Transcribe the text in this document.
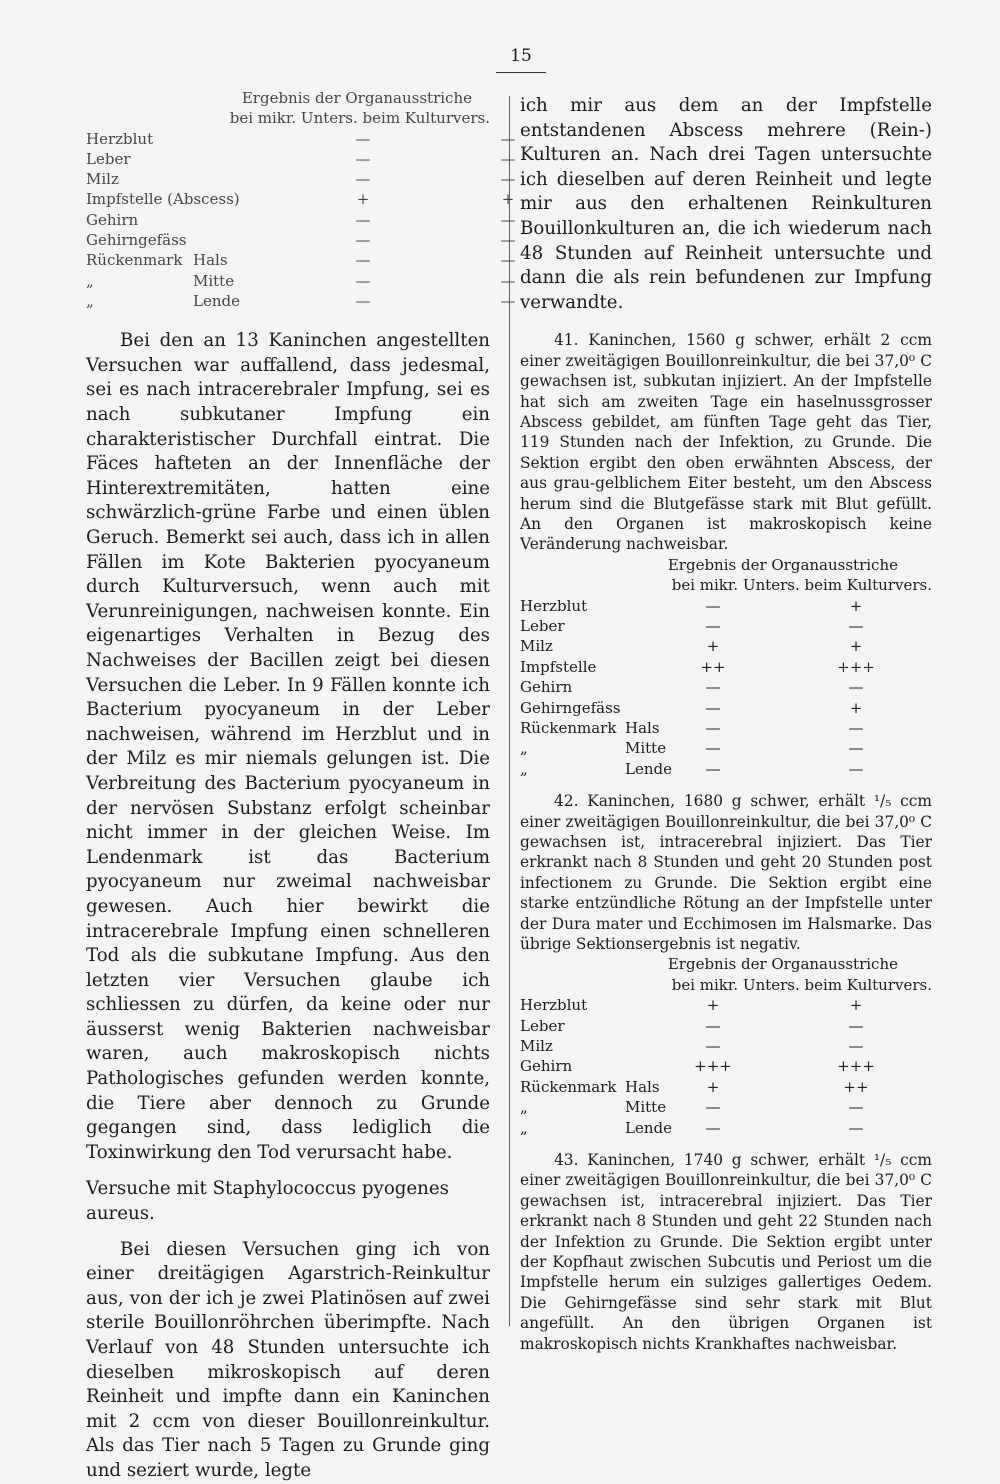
15
Ergebnis der Organausstriche
bei mikr. Unters. beim Kulturvers.
Herzblut	—	—
Leber	—	—
Milz	—	—
Impfstelle (Abscess)	+	+
Gehirn	—	—
Gehirngefäss	—	—
Rückenmark Hals	—	—
„	Mitte	—	—
„	Lende	—	—

Bei den an 13 Kaninchen angestellten Versuchen war auffallend, dass jedesmal, sei es nach intracerebraler Impfung, sei es nach subkutaner Impfung ein charakteristischer Durchfall eintrat. Die Fäces hafteten an der Innenfläche der Hinterextremitäten, hatten eine schwärzlich-grüne Farbe und einen üblen Geruch. Bemerkt sei auch, dass ich in allen Fällen im Kote Bakterien pyocyaneum durch Kulturversuch, wenn auch mit Verunreinigungen, nachweisen konnte. Ein eigenartiges Verhalten in Bezug des Nachweises der Bacillen zeigt bei diesen Versuchen die Leber. In 9 Fällen konnte ich Bacterium pyocyaneum in der Leber nachweisen, während im Herzblut und in der Milz es mir niemals gelungen ist. Die Verbreitung des Bacterium pyocyaneum in der nervösen Substanz erfolgt scheinbar nicht immer in der gleichen Weise. Im Lendenmark ist das Bacterium pyocyaneum nur zweimal nachweisbar gewesen. Auch hier bewirkt die intracerebrale Impfung einen schnelleren Tod als die subkutane Impfung. Aus den letzten vier Versuchen glaube ich schliessen zu dürfen, da keine oder nur äusserst wenig Bakterien nachweisbar waren, auch makroskopisch nichts Pathologisches gefunden werden konnte, die Tiere aber dennoch zu Grunde gegangen sind, dass lediglich die Toxinwirkung den Tod verursacht habe.

Versuche mit Staphylococcus pyogenes aureus.

Bei diesen Versuchen ging ich von einer dreitägigen Agarstrich-Reinkultur aus, von der ich je zwei Platinösen auf zwei sterile Bouillonröhrchen überimpfte. Nach Verlauf von 48 Stunden untersuchte ich dieselben mikroskopisch auf deren Reinheit und impfte dann ein Kaninchen mit 2 ccm von dieser Bouillonreinkultur. Als das Tier nach 5 Tagen zu Grunde ging und seziert wurde, legte

ich mir aus dem an der Impfstelle entstandenen Abscess mehrere (Rein-) Kulturen an. Nach drei Tagen untersuchte ich dieselben auf deren Reinheit und legte mir aus den erhaltenen Reinkulturen Bouillonkulturen an, die ich wiederum nach 48 Stunden auf Reinheit untersuchte und dann die als rein befundenen zur Impfung verwandte.

41. Kaninchen, 1560 g schwer, erhält 2 ccm einer zweitägigen Bouillonreinkultur, die bei 37,0⁰ C gewachsen ist, subkutan injiziert. An der Impfstelle hat sich am zweiten Tage ein haselnussgrosser Abscess gebildet, am fünften Tage geht das Tier, 119 Stunden nach der Infektion, zu Grunde. Die Sektion ergibt den oben erwähnten Abscess, der aus grau-gelblichem Eiter besteht, um den Abscess herum sind die Blutgefässe stark mit Blut gefüllt. An den Organen ist makroskopisch keine Veränderung nachweisbar.

Ergebnis der Organausstriche
bei mikr. Unters. beim Kulturvers.
Herzblut	—	+
Leber	—	—
Milz	+	+
Impfstelle	++	+++
Gehirn	—	—
Gehirngefäss	—	+
Rückenmark Hals	—	—
„	Mitte	—	—
„	Lende	—	—

42. Kaninchen, 1680 g schwer, erhält ¹/₅ ccm einer zweitägigen Bouillonreinkultur, die bei 37,0⁰ C gewachsen ist, intracerebral injiziert. Das Tier erkrankt nach 8 Stunden und geht 20 Stunden post infectionem zu Grunde. Die Sektion ergibt eine starke entzündliche Rötung an der Impfstelle unter der Dura mater und Ecchimosen im Halsmarke. Das übrige Sektionsergebnis ist negativ.

Ergebnis der Organausstriche
bei mikr. Unters. beim Kulturvers.
Herzblut	+	+
Leber	—	—
Milz	—	—
Gehirn	+++	+++
Rückenmark Hals	+	++
„	Mitte	—	—
„	Lende	—	—

43. Kaninchen, 1740 g schwer, erhält ¹/₅ ccm einer zweitägigen Bouillonreinkultur, die bei 37,0⁰ C gewachsen ist, intracerebral injiziert. Das Tier erkrankt nach 8 Stunden und geht 22 Stunden nach der Infektion zu Grunde. Die Sektion ergibt unter der Kopfhaut zwischen Subcutis und Periost um die Impfstelle herum ein sulziges gallertiges Oedem. Die Gehirngefässe sind sehr stark mit Blut angefüllt. An den übrigen Organen ist makroskopisch nichts Krankhaftes nachweisbar.
